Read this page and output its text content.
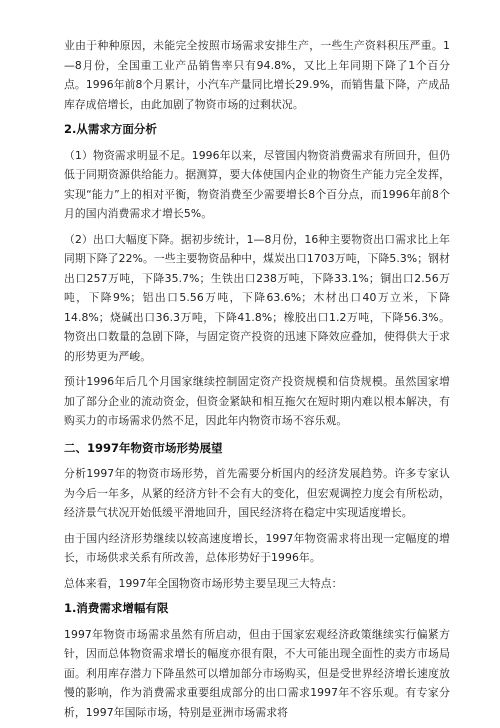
业由于种种原因，未能完全按照市场需求安排生产，一些生产资料积压严重。1—8月份，全国重工业产品销售率只有94.8%，又比上年同期下降了1个百分点。1996年前8个月累计，小汽车产量同比增长29.9%，而销售量下降，产成品库存成倍增长，由此加剧了物资市场的过剩状况。

2.从需求方面分析

（1）物资需求明显不足。1996年以来，尽管国内物资消费需求有所回升，但仍低于同期资源供给能力。据测算，要大体使国内企业的物资生产能力完全发挥，实现“能力”上的相对平衡，物资消费至少需要增长8个百分点，而1996年前8个月的国内消费需求才增长5%。

（2）出口大幅度下降。据初步统计，1—8月份，16种主要物资出口需求比上年同期下降了22%。一些主要物资品种中，煤炭出口1703万吨，下降5.3%；钢材出口257万吨，下降35.7%；生铁出口238万吨，下降33.1%；铜出口2.56万吨，下降9%；铝出口5.56万吨，下降63.6%；木材出口40万立米，下降14.8%；烧碱出口36.3万吨，下降41.8%；橡胶出口1.2万吨，下降56.3%。物资出口数量的急剧下降，与固定资产投资的迅速下降效应叠加，使得供大于求的形势更为严峻。

预计1996年后几个月国家继续控制固定资产投资规模和信贷规模。虽然国家增加了部分企业的流动资金，但资金紧缺和相互拖欠在短时期内难以根本解决，有购买力的市场需求仍然不足，因此年内物资市场不容乐观。

二、1997年物资市场形势展望

分析1997年的物资市场形势，首先需要分析国内的经济发展趋势。许多专家认为今后一年多，从紧的经济方针不会有大的变化，但宏观调控力度会有所松动，经济景气状况开始低缓平滑地回升，国民经济将在稳定中实现适度增长。

由于国内经济形势继续以较高速度增长，1997年物资需求将出现一定幅度的增长，市场供求关系有所改善，总体形势好于1996年。

总体来看，1997年全国物资市场形势主要呈现三大特点：

1.消费需求增幅有限

1997年物资市场需求虽然有所启动，但由于国家宏观经济政策继续实行偏紧方针，因而总体物资需求增长的幅度亦很有限，不大可能出现全面性的卖方市场局面。利用库存潜力下降虽然可以增加部分市场购买，但是受世界经济增长速度放慢的影响，作为消费需求重要组成部分的出口需求1997年不容乐观。有专家分析，1997年国际市场，特别是亚洲市场需求将
